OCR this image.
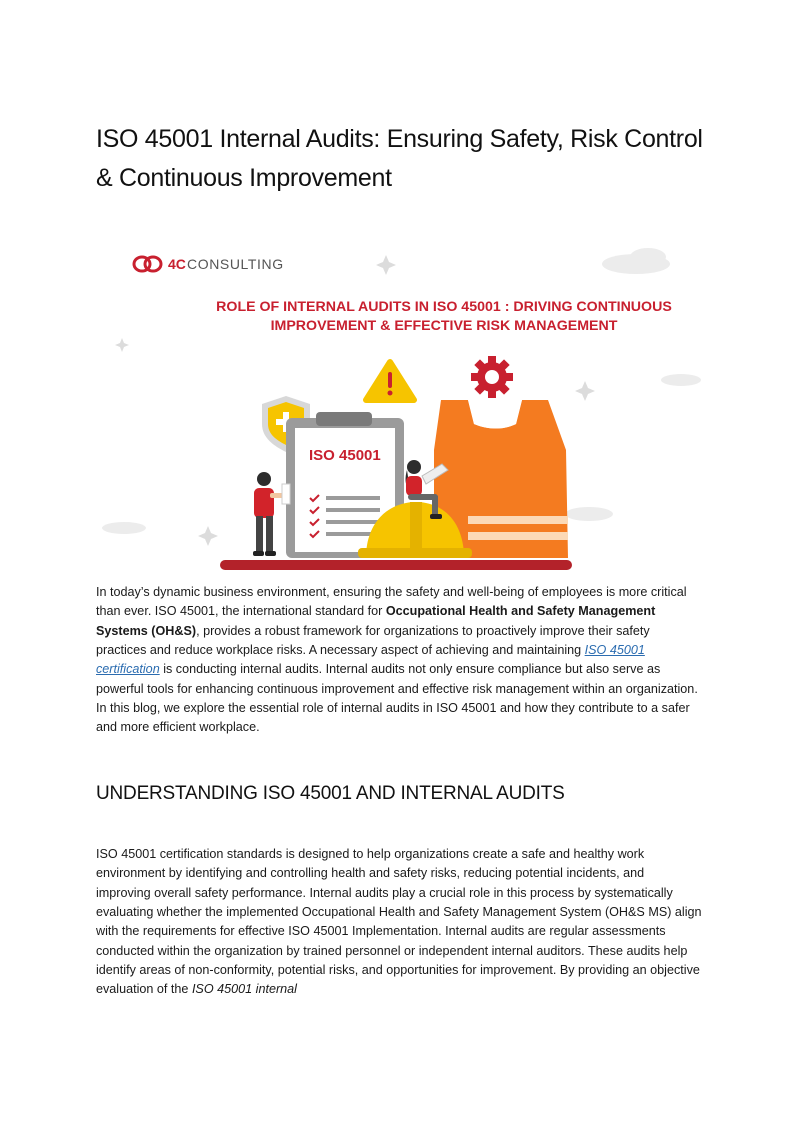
ISO 45001 Internal Audits: Ensuring Safety, Risk Control & Continuous Improvement
4C CONSULTING
ROLE OF INTERNAL AUDITS IN ISO 45001 : DRIVING CONTINUOUS
IMPROVEMENT & EFFECTIVE RISK MANAGEMENT
ISO 45001

In today’s dynamic business environment, ensuring the safety and well-being of employees is more critical than ever. ISO 45001, the international standard for Occupational Health and Safety Management Systems (OH&S), provides a robust framework for organizations to proactively improve their safety practices and reduce workplace risks. A necessary aspect of achieving and maintaining ISO 45001 certification is conducting internal audits. Internal audits not only ensure compliance but also serve as powerful tools for enhancing continuous improvement and effective risk management within an organization. In this blog, we explore the essential role of internal audits in ISO 45001 and how they contribute to a safer and more efficient workplace.

UNDERSTANDING ISO 45001 AND INTERNAL AUDITS

ISO 45001 certification standards is designed to help organizations create a safe and healthy work environment by identifying and controlling health and safety risks, reducing potential incidents, and improving overall safety performance. Internal audits play a crucial role in this process by systematically evaluating whether the implemented Occupational Health and Safety Management System (OH&S MS) align with the requirements for effective ISO 45001 Implementation. Internal audits are regular assessments conducted within the organization by trained personnel or independent internal auditors. These audits help identify areas of non-conformity, potential risks, and opportunities for improvement. By providing an objective evaluation of the ISO 45001 internal
